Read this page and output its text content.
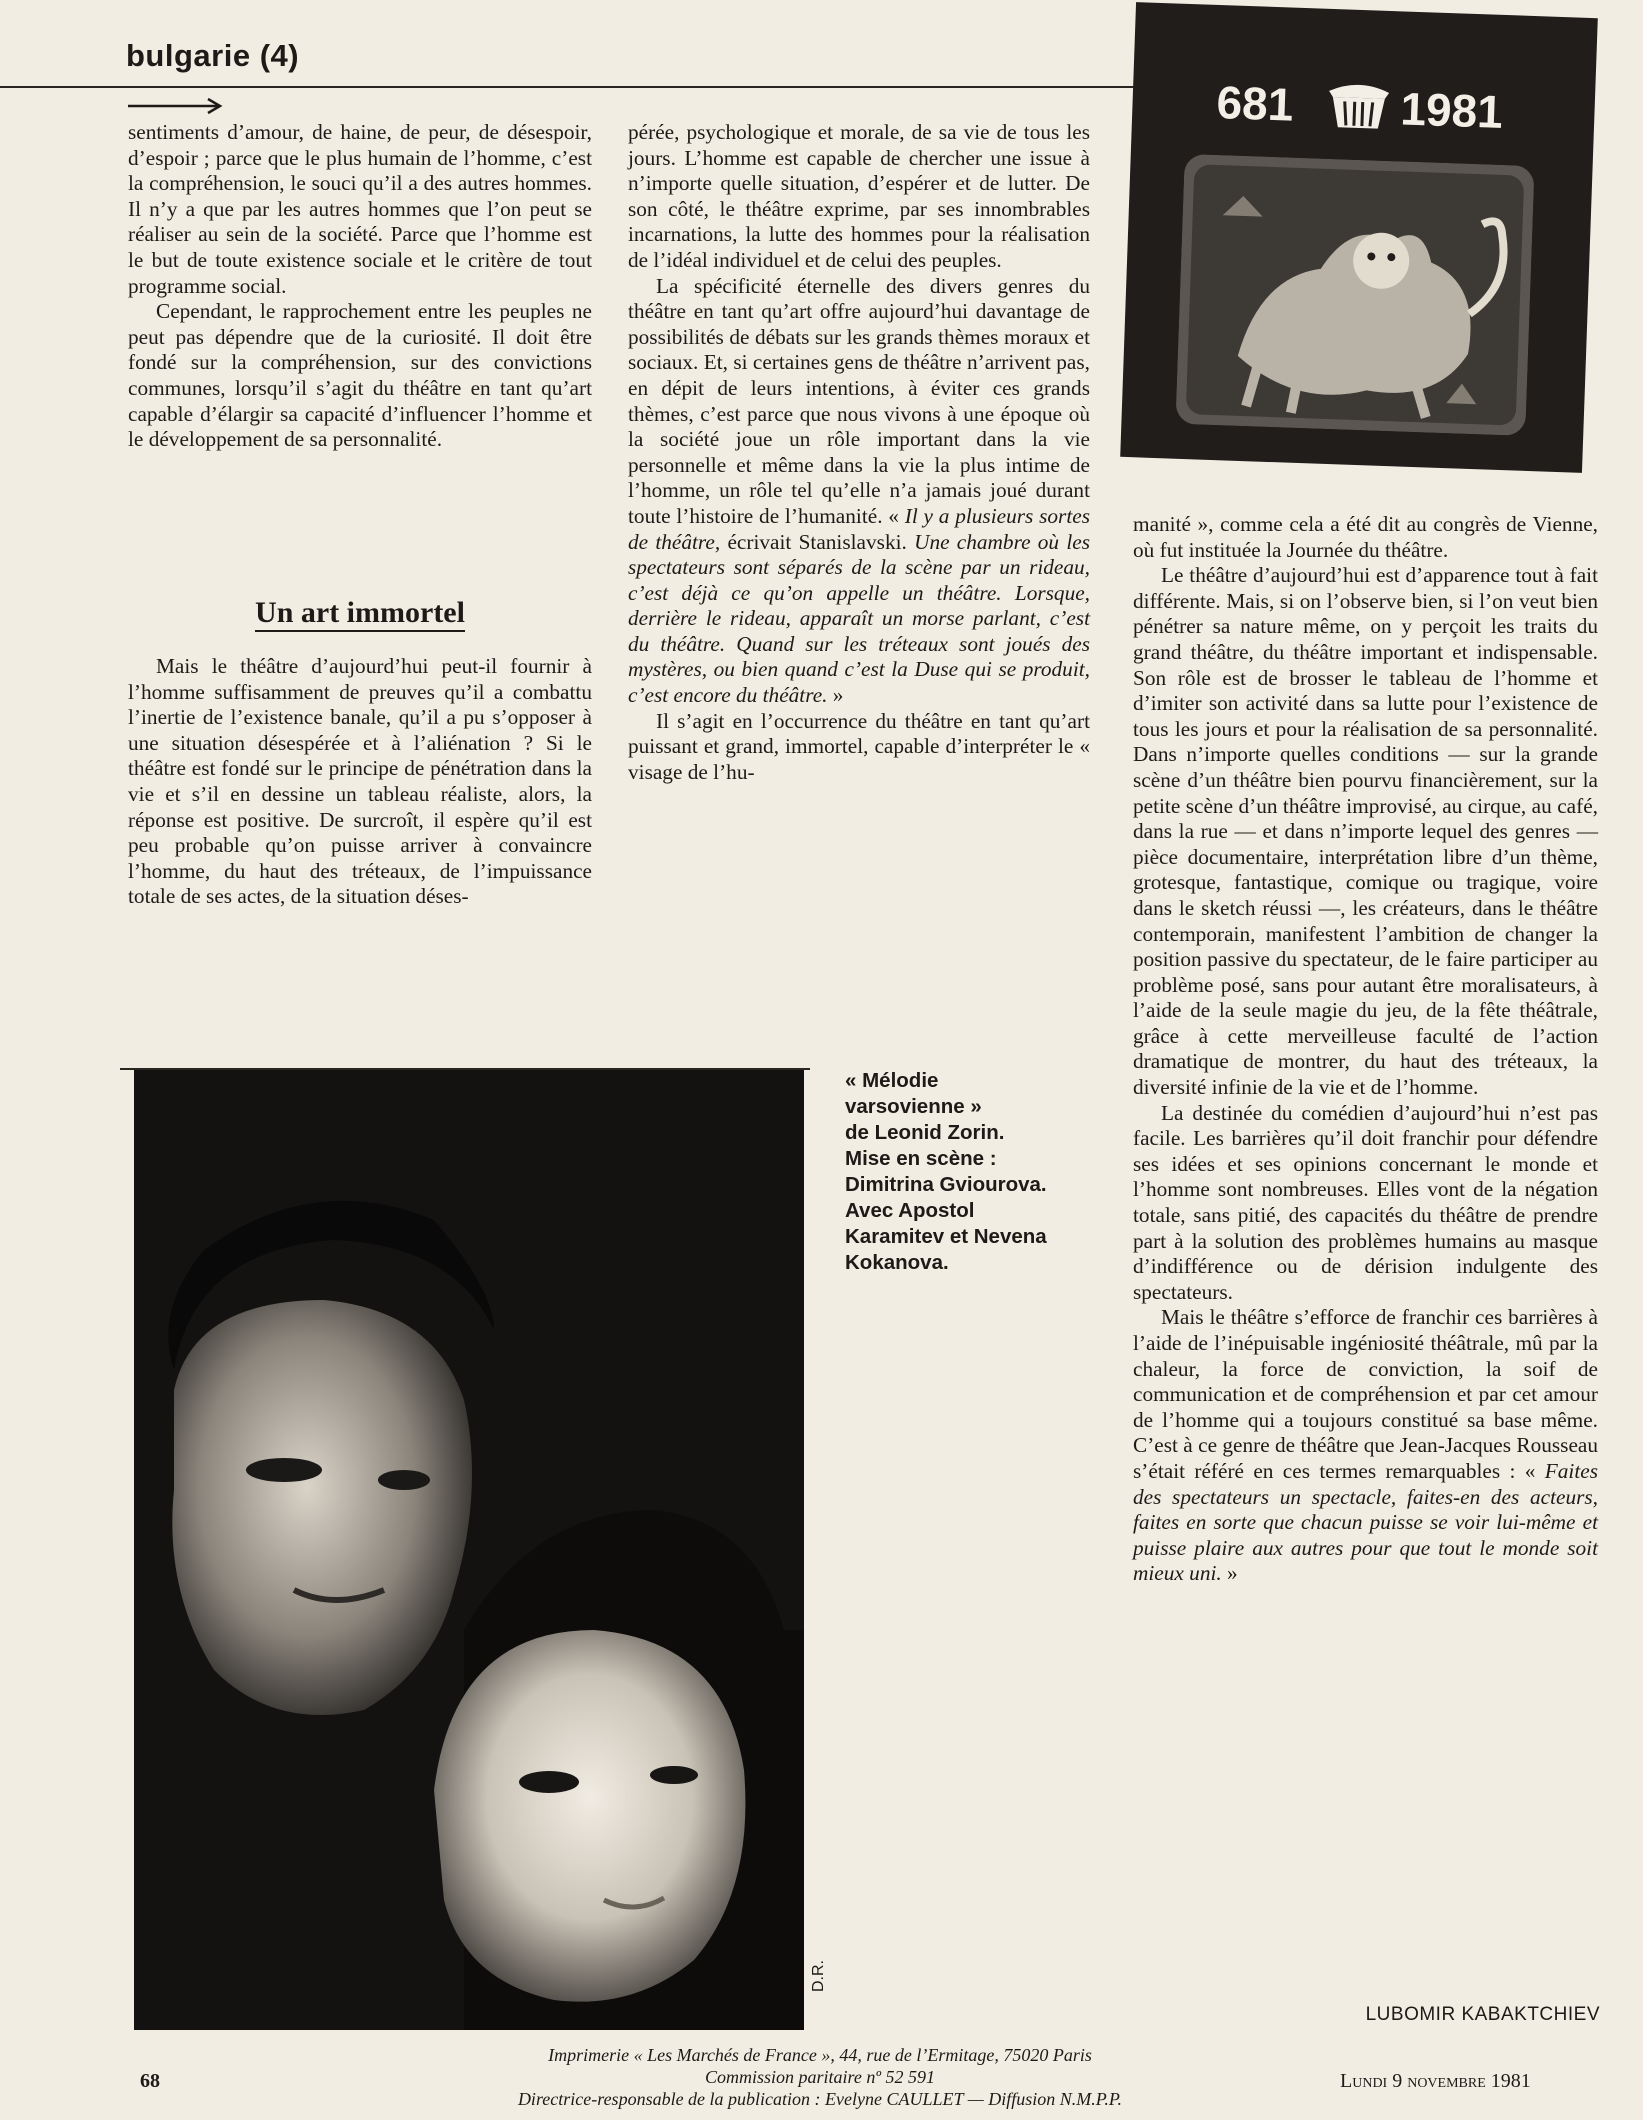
bulgarie (4)

sentiments d’amour, de haine, de peur, de désespoir, d’espoir ; parce que le plus humain de l’homme, c’est la compréhension, le souci qu’il a des autres hommes. Il n’y a que par les autres hommes que l’on peut se réaliser au sein de la société. Parce que l’homme est le but de toute existence sociale et le critère de tout programme social.

Cependant, le rapprochement entre les peuples ne peut pas dépendre que de la curiosité. Il doit être fondé sur la compréhension, sur des convictions communes, lorsqu’il s’agit du théâtre en tant qu’art capable d’élargir sa capacité d’influencer l’homme et le développement de sa personnalité.

Un art immortel

Mais le théâtre d’aujourd’hui peut-il fournir à l’homme suffisamment de preuves qu’il a combattu l’inertie de l’existence banale, qu’il a pu s’opposer à une situation désespérée et à l’aliénation ? Si le théâtre est fondé sur le principe de pénétration dans la vie et s’il en dessine un tableau réaliste, alors, la réponse est positive. De surcroît, il espère qu’il est peu probable qu’on puisse arriver à convaincre l’homme, du haut des tréteaux, de l’impuissance totale de ses actes, de la situation déses-

pérée, psychologique et morale, de sa vie de tous les jours. L’homme est capable de chercher une issue à n’importe quelle situation, d’espérer et de lutter. De son côté, le théâtre exprime, par ses innombrables incarnations, la lutte des hommes pour la réalisation de l’idéal individuel et de celui des peuples.

La spécificité éternelle des divers genres du théâtre en tant qu’art offre aujourd’hui davantage de possibilités de débats sur les grands thèmes moraux et sociaux. Et, si certaines gens de théâtre n’arrivent pas, en dépit de leurs intentions, à éviter ces grands thèmes, c’est parce que nous vivons à une époque où la société joue un rôle important dans la vie personnelle et même dans la vie la plus intime de l’homme, un rôle tel qu’elle n’a jamais joué durant toute l’histoire de l’humanité. « Il y a plusieurs sortes de théâtre, écrivait Stanislavski. Une chambre où les spectateurs sont séparés de la scène par un rideau, c’est déjà ce qu’on appelle un théâtre. Lorsque, derrière le rideau, apparaît un morse parlant, c’est du théâtre. Quand sur les tréteaux sont joués des mystères, ou bien quand c’est la Duse qui se produit, c’est encore du théâtre. »

Il s’agit en l’occurrence du théâtre en tant qu’art puissant et grand, immortel, capable d’interpréter le « visage de l’hu-

681 1981

manité », comme cela a été dit au congrès de Vienne, où fut instituée la Journée du théâtre.

Le théâtre d’aujourd’hui est d’apparence tout à fait différente. Mais, si on l’observe bien, si l’on veut bien pénétrer sa nature même, on y perçoit les traits du grand théâtre, du théâtre important et indispensable. Son rôle est de brosser le tableau de l’homme et d’imiter son activité dans sa lutte pour l’existence de tous les jours et pour la réalisation de sa personnalité. Dans n’importe quelles conditions — sur la grande scène d’un théâtre bien pourvu financièrement, sur la petite scène d’un théâtre improvisé, au cirque, au café, dans la rue — et dans n’importe lequel des genres — pièce documentaire, interprétation libre d’un thème, grotesque, fantastique, comique ou tragique, voire dans le sketch réussi —, les créateurs, dans le théâtre contemporain, manifestent l’ambition de changer la position passive du spectateur, de le faire participer au problème posé, sans pour autant être moralisateurs, à l’aide de la seule magie du jeu, de la fête théâtrale, grâce à cette merveilleuse faculté de l’action dramatique de montrer, du haut des tréteaux, la diversité infinie de la vie et de l’homme.

La destinée du comédien d’aujourd’hui n’est pas facile. Les barrières qu’il doit franchir pour défendre ses idées et ses opinions concernant le monde et l’homme sont nombreuses. Elles vont de la négation totale, sans pitié, des capacités du théâtre de prendre part à la solution des problèmes humains au masque d’indifférence ou de dérision indulgente des spectateurs.

Mais le théâtre s’efforce de franchir ces barrières à l’aide de l’inépuisable ingéniosité théâtrale, mû par la chaleur, la force de conviction, la soif de communication et de compréhension et par cet amour de l’homme qui a toujours constitué sa base même. C’est à ce genre de théâtre que Jean-Jacques Rousseau s’était référé en ces termes remarquables : « Faites des spectateurs un spectacle, faites-en des acteurs, faites en sorte que chacun puisse se voir lui-même et puisse plaire aux autres pour que tout le monde soit mieux uni. »

« Mélodie
varsovienne »
de Leonid Zorin.
Mise en scène :
Dimitrina Gviourova.
Avec Apostol
Karamitev et Nevena
Kokanova.
D.R.
LUBOMIR KABAKTCHIEV
Imprimerie « Les Marchés de France », 44, rue de l’Ermitage, 75020 Paris
Commission paritaire nº 52 591
Directrice-responsable de la publication : Evelyne CAULLET — Diffusion N.M.P.P.
68	Lundi 9 novembre 1981
